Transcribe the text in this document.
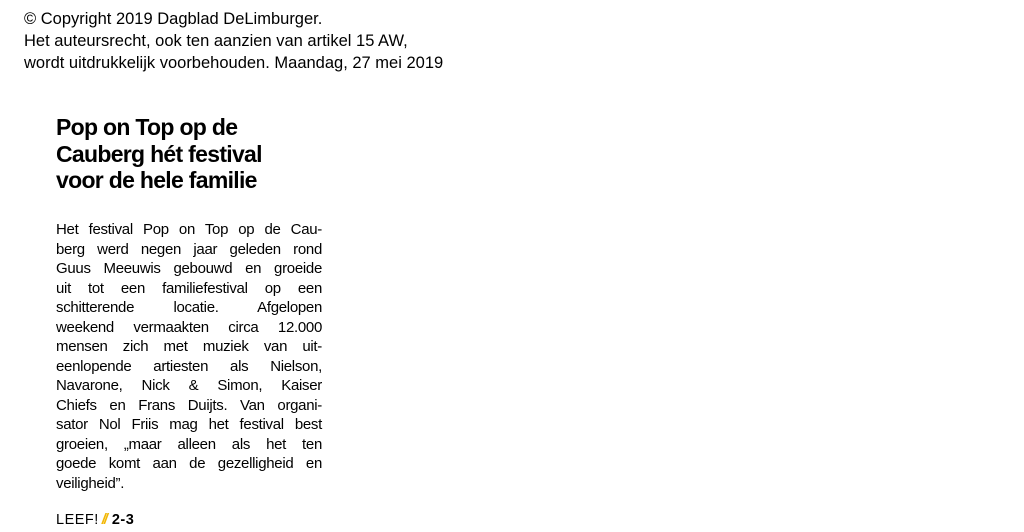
© Copyright 2019 Dagblad DeLimburger.
Het auteursrecht, ook ten aanzien van artikel 15 AW,
wordt uitdrukkelijk voorbehouden. Maandag, 27 mei 2019
Pop on Top op de
Cauberg hét festival
voor de hele familie
Het festival Pop on Top op de Cau-
berg werd negen jaar geleden rond
Guus Meeuwis gebouwd en groeide
uit tot een familiefestival op een
schitterende locatie. Afgelopen
weekend vermaakten circa 12.000
mensen zich met muziek van uit-
eenlopende artiesten als Nielson,
Navarone, Nick & Simon, Kaiser
Chiefs en Frans Duijts. Van organi-
sator Nol Friis mag het festival best
groeien, „maar alleen als het ten
goede komt aan de gezelligheid en
veiligheid”.
LEEF! // 2-3
